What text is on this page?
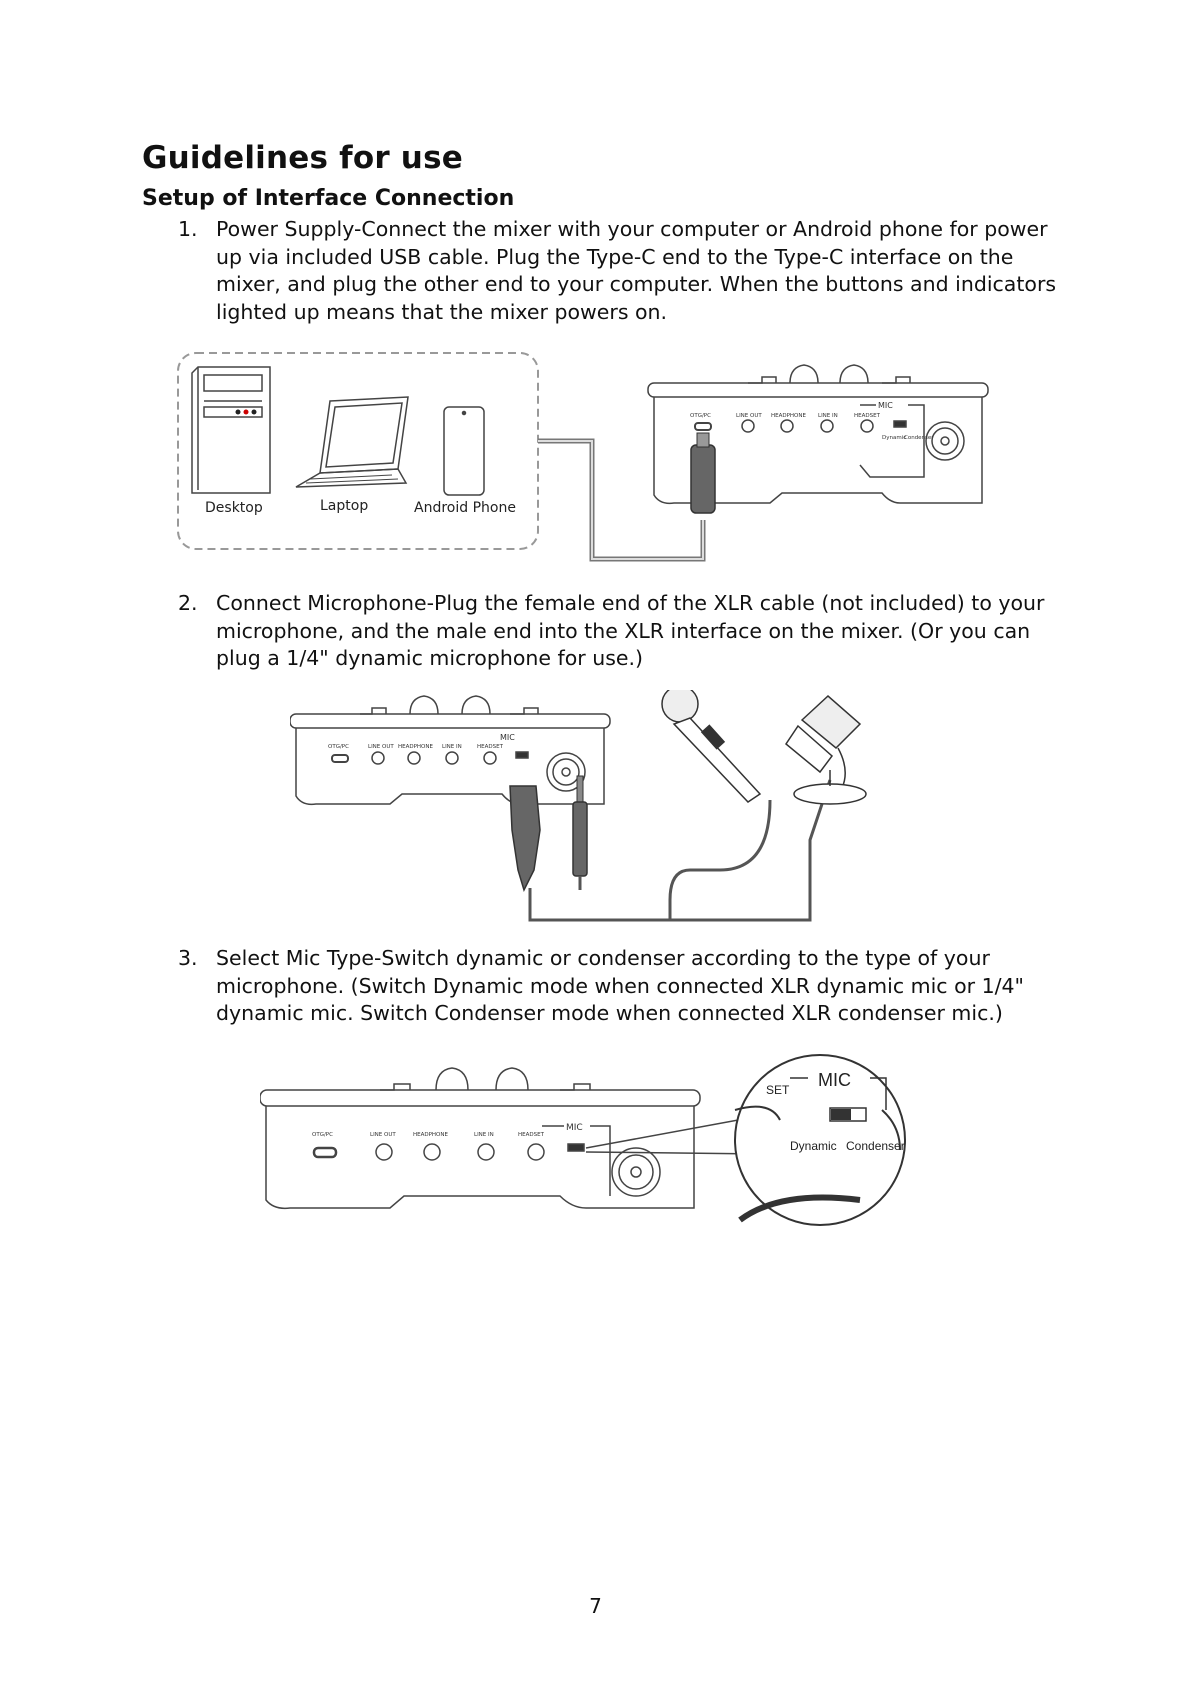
Guidelines for use
Setup of Interface Connection
1. Power Supply-Connect the mixer with your computer or Android phone for power up via included USB cable. Plug the Type-C end to the Type-C interface on the mixer, and plug the other end to your computer. When the buttons and indicators lighted up means that the mixer powers on.
Desktop	Laptop	Android Phone
OTG/PC	LINE OUT HEADPHONE LINE IN	HEADSET
MIC
Dynamic
Condenser
2. Connect Microphone-Plug the female end of the XLR cable (not included) to your microphone, and the male end into the XLR interface on the mixer. (Or you can plug a 1/4" dynamic microphone for use.)
OTG/PC	LINE OUT HEADPHONE LINE IN	HEADSET
MIC
3. Select Mic Type-Switch dynamic or condenser according to the type of your microphone. (Switch Dynamic mode when connected XLR dynamic mic or 1/4" dynamic mic. Switch Condenser mode when connected XLR condenser mic.)
OTG/PC	LINE OUT	HEADPHONE	LINE IN	HEADSET
MIC
SET MIC
Dynamic Condenser
7
